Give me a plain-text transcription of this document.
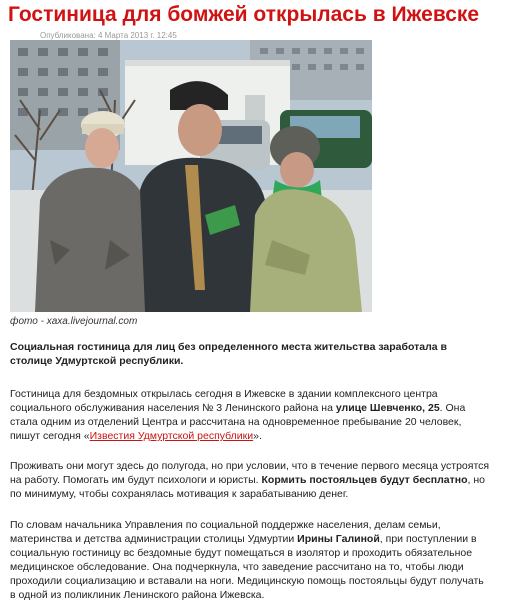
Гостиница для бомжей открылась в Ижевске
Опубликована: 4 Марта 2013 г. 12:45
фото - xaxa.livejournal.com

Социальная гостиница для лиц без определенного места жительства заработала в столице Удмуртской республики.

Гостиница для бездомных открылась сегодня в Ижевске в здании комплексного центра социального обслуживания населения № 3 Ленинского района на улице Шевченко, 25. Она стала одним из отделений Центра и рассчитана на одновременное пребывание 20 человек, пишут сегодня «Известия Удмуртской республики».

Проживать они могут здесь до полугода, но при условии, что в течение первого месяца устроятся на работу. Помогать им будут психологи и юристы. Кормить постояльцев будут бесплатно, но по минимуму, чтобы сохранялась мотивация к зарабатыванию денег.

По словам начальника Управления по социальной поддержке населения, делам семьи, материнства и детства администрации столицы Удмуртии Ирины Галиной, при поступлении в социальную гостиницу вс бездомные будут помещаться в изолятор и проходить обязательное медицинское обследование. Она подчеркнула, что заведение рассчитано на то, чтобы люди проходили социализацию и вставали на ноги. Медицинскую помощь постояльцы будут получать в одной из поликлиник Ленинского района Ижевска.
